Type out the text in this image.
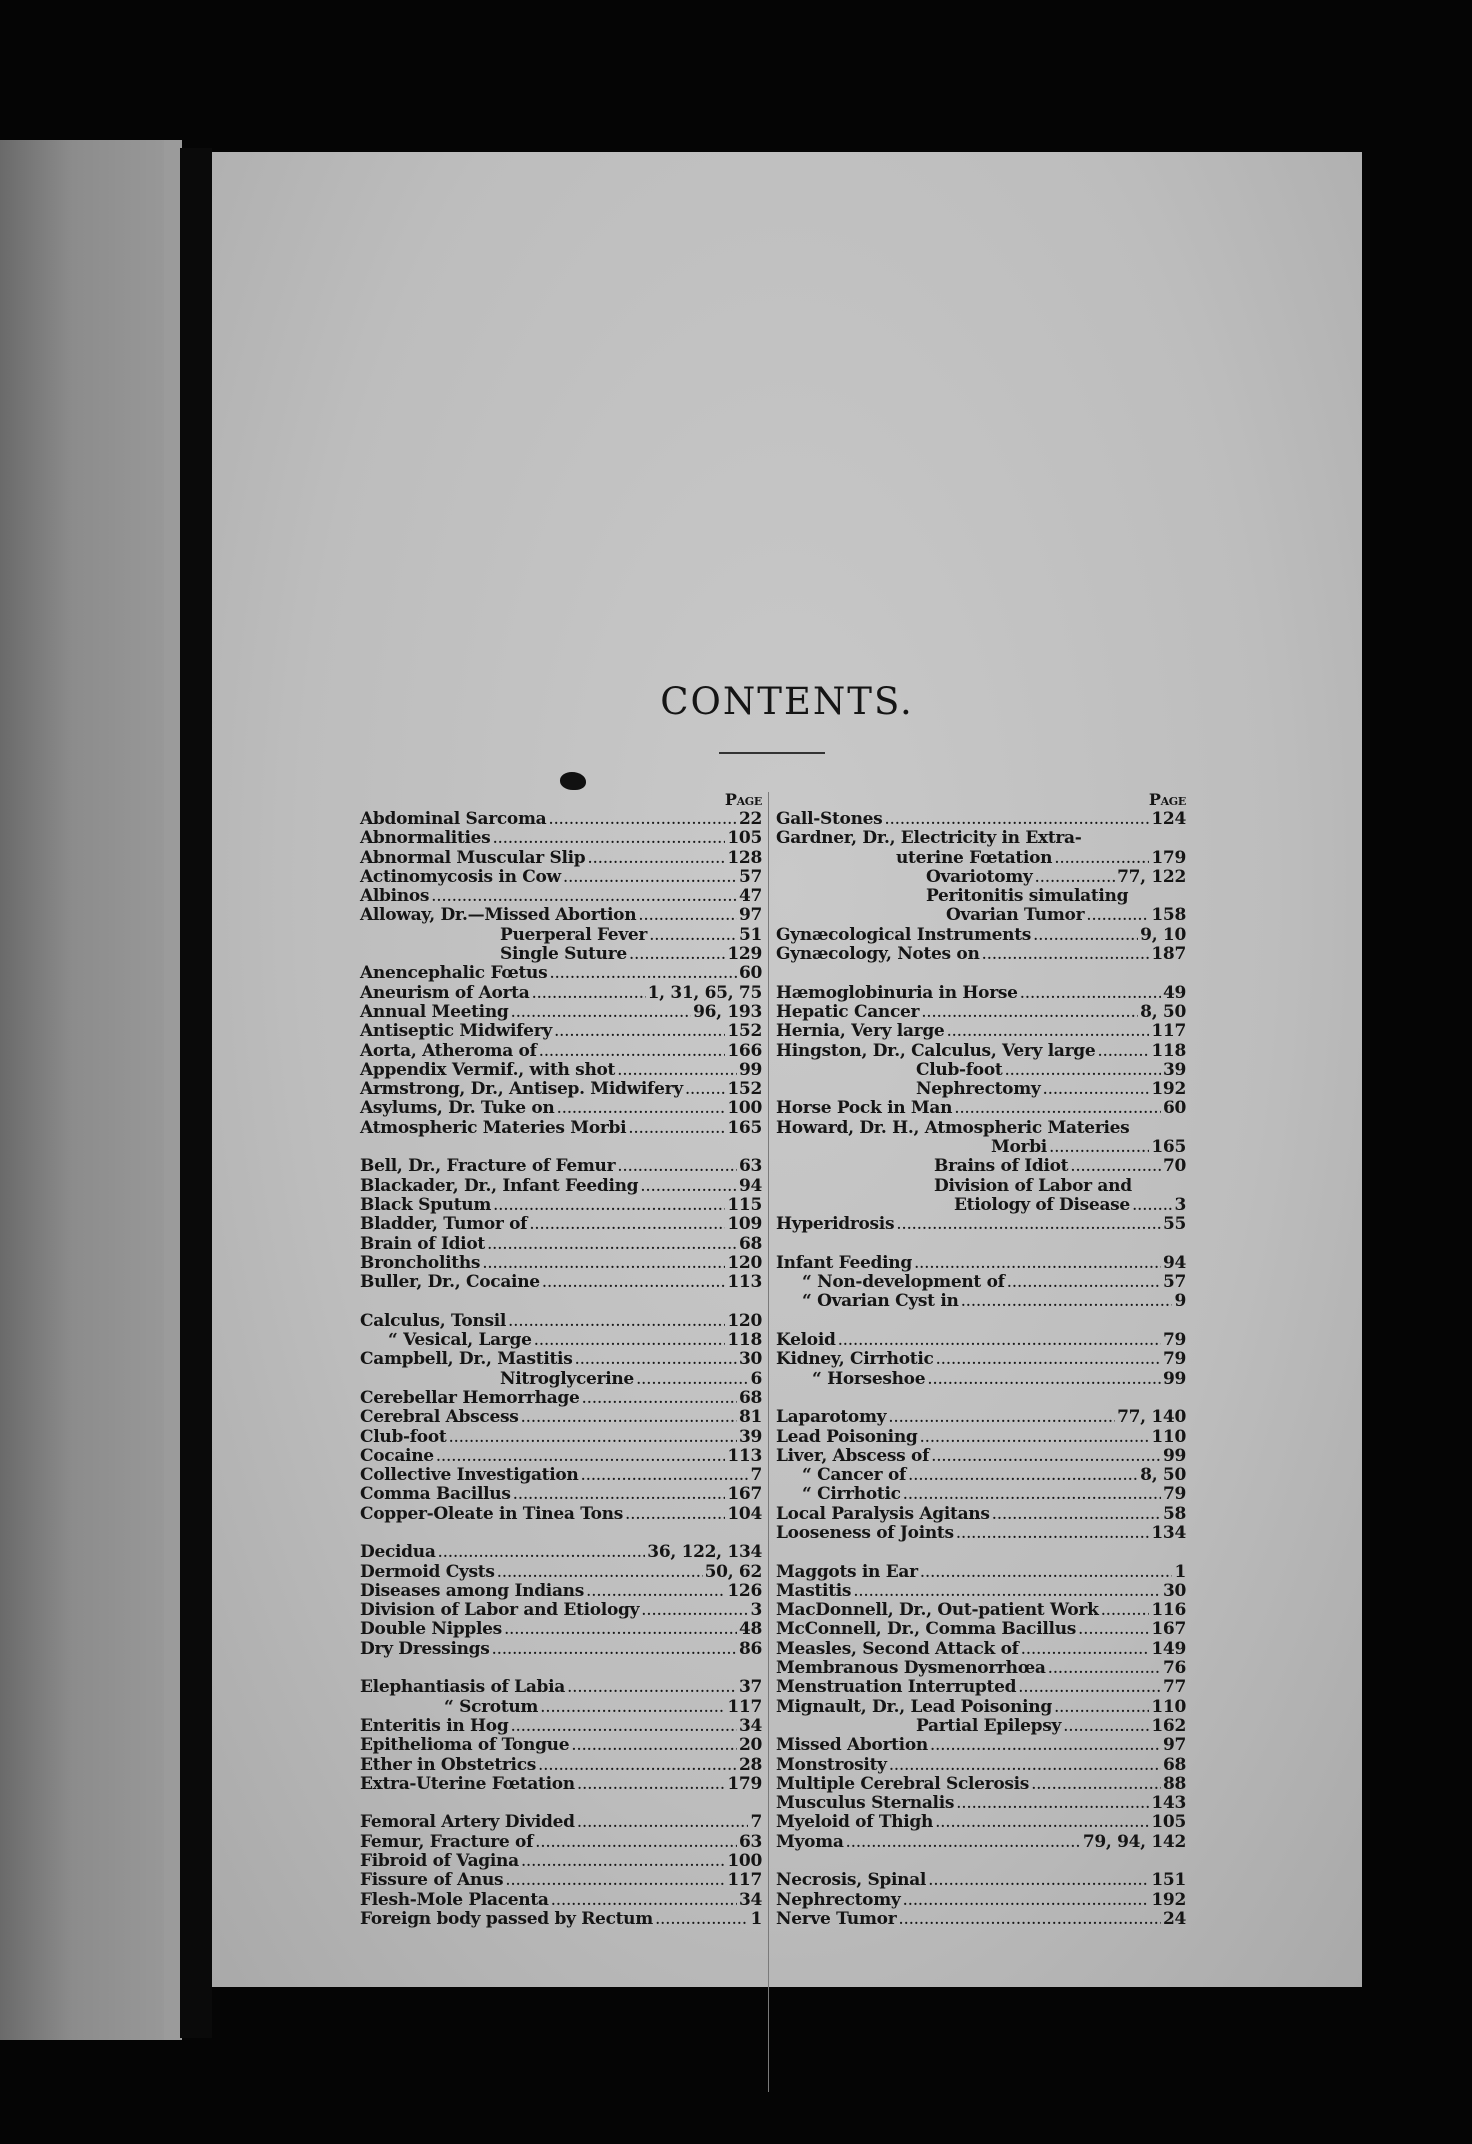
CONTENTS.
Page
Abdominal Sarcoma .....	22
Abnormalities .....	105
Abnormal Muscular Slip .....	128
Actinomycosis in Cow .....	57
Albinos .....	47
Alloway, Dr.—Missed Abortion .....	97
Puerperal Fever .....	51
Single Suture .....	129
Anencephalic Fœtus .....	60
Aneurism of Aorta .....	1, 31, 65, 75
Annual Meeting .....	96, 193
Antiseptic Midwifery .....	152
Aorta, Atheroma of .....	166
Appendix Vermif., with shot .....	99
Armstrong, Dr., Antisep. Midwifery .....	152
Asylums, Dr. Tuke on .....	100
Atmospheric Materies Morbi .....	165
Bell, Dr., Fracture of Femur .....	63
Blackader, Dr., Infant Feeding .....	94
Black Sputum .....	115
Bladder, Tumor of .....	109
Brain of Idiot .....	68
Broncholiths .....	120
Buller, Dr., Cocaine .....	113
Calculus, Tonsil .....	120
“ Vesical, Large .....	118
Campbell, Dr., Mastitis .....	30
Nitroglycerine .....	6
Cerebellar Hemorrhage .....	68
Cerebral Abscess .....	81
Club-foot .....	39
Cocaine .....	113
Collective Investigation .....	7
Comma Bacillus .....	167
Copper-Oleate in Tinea Tons .....	104
Decidua .....	36, 122, 134
Dermoid Cysts .....	50, 62
Diseases among Indians .....	126
Division of Labor and Etiology .....	3
Double Nipples .....	48
Dry Dressings .....	86
Elephantiasis of Labia .....	37
“ Scrotum .....	117
Enteritis in Hog .....	34
Epithelioma of Tongue .....	20
Ether in Obstetrics .....	28
Extra-Uterine Fœtation .....	179
Femoral Artery Divided .....	7
Femur, Fracture of .....	63
Fibroid of Vagina .....	100
Fissure of Anus .....	117
Flesh-Mole Placenta .....	34
Foreign body passed by Rectum .....	1
Page
Gall-Stones .....	124
Gardner, Dr., Electricity in Extra-
uterine Fœtation .....	179
Ovariotomy .....	77, 122
Peritonitis simulating
Ovarian Tumor .....	158
Gynæcological Instruments .....	9, 10
Gynæcology, Notes on .....	187
Hæmoglobinuria in Horse .....	49
Hepatic Cancer .....	8, 50
Hernia, Very large .....	117
Hingston, Dr., Calculus, Very large .....	118
Club-foot .....	39
Nephrectomy .....	192
Horse Pock in Man .....	60
Howard, Dr. H., Atmospheric Materies
Morbi .....	165
Brains of Idiot .....	70
Division of Labor and
Etiology of Disease .....	3
Hyperidrosis .....	55
Infant Feeding .....	94
“ Non-development of .....	57
“ Ovarian Cyst in .....	9
Keloid .....	79
Kidney, Cirrhotic .....	79
“ Horseshoe .....	99
Laparotomy .....	77, 140
Lead Poisoning .....	110
Liver, Abscess of .....	99
“ Cancer of .....	8, 50
“ Cirrhotic .....	79
Local Paralysis Agitans .....	58
Looseness of Joints .....	134
Maggots in Ear .....	1
Mastitis .....	30
MacDonnell, Dr., Out-patient Work .....	116
McConnell, Dr., Comma Bacillus .....	167
Measles, Second Attack of .....	149
Membranous Dysmenorrhœa .....	76
Menstruation Interrupted .....	77
Mignault, Dr., Lead Poisoning .....	110
Partial Epilepsy .....	162
Missed Abortion .....	97
Monstrosity .....	68
Multiple Cerebral Sclerosis .....	88
Musculus Sternalis .....	143
Myeloid of Thigh .....	105
Myoma .....	79, 94, 142
Necrosis, Spinal .....	151
Nephrectomy .....	192
Nerve Tumor .....	24
